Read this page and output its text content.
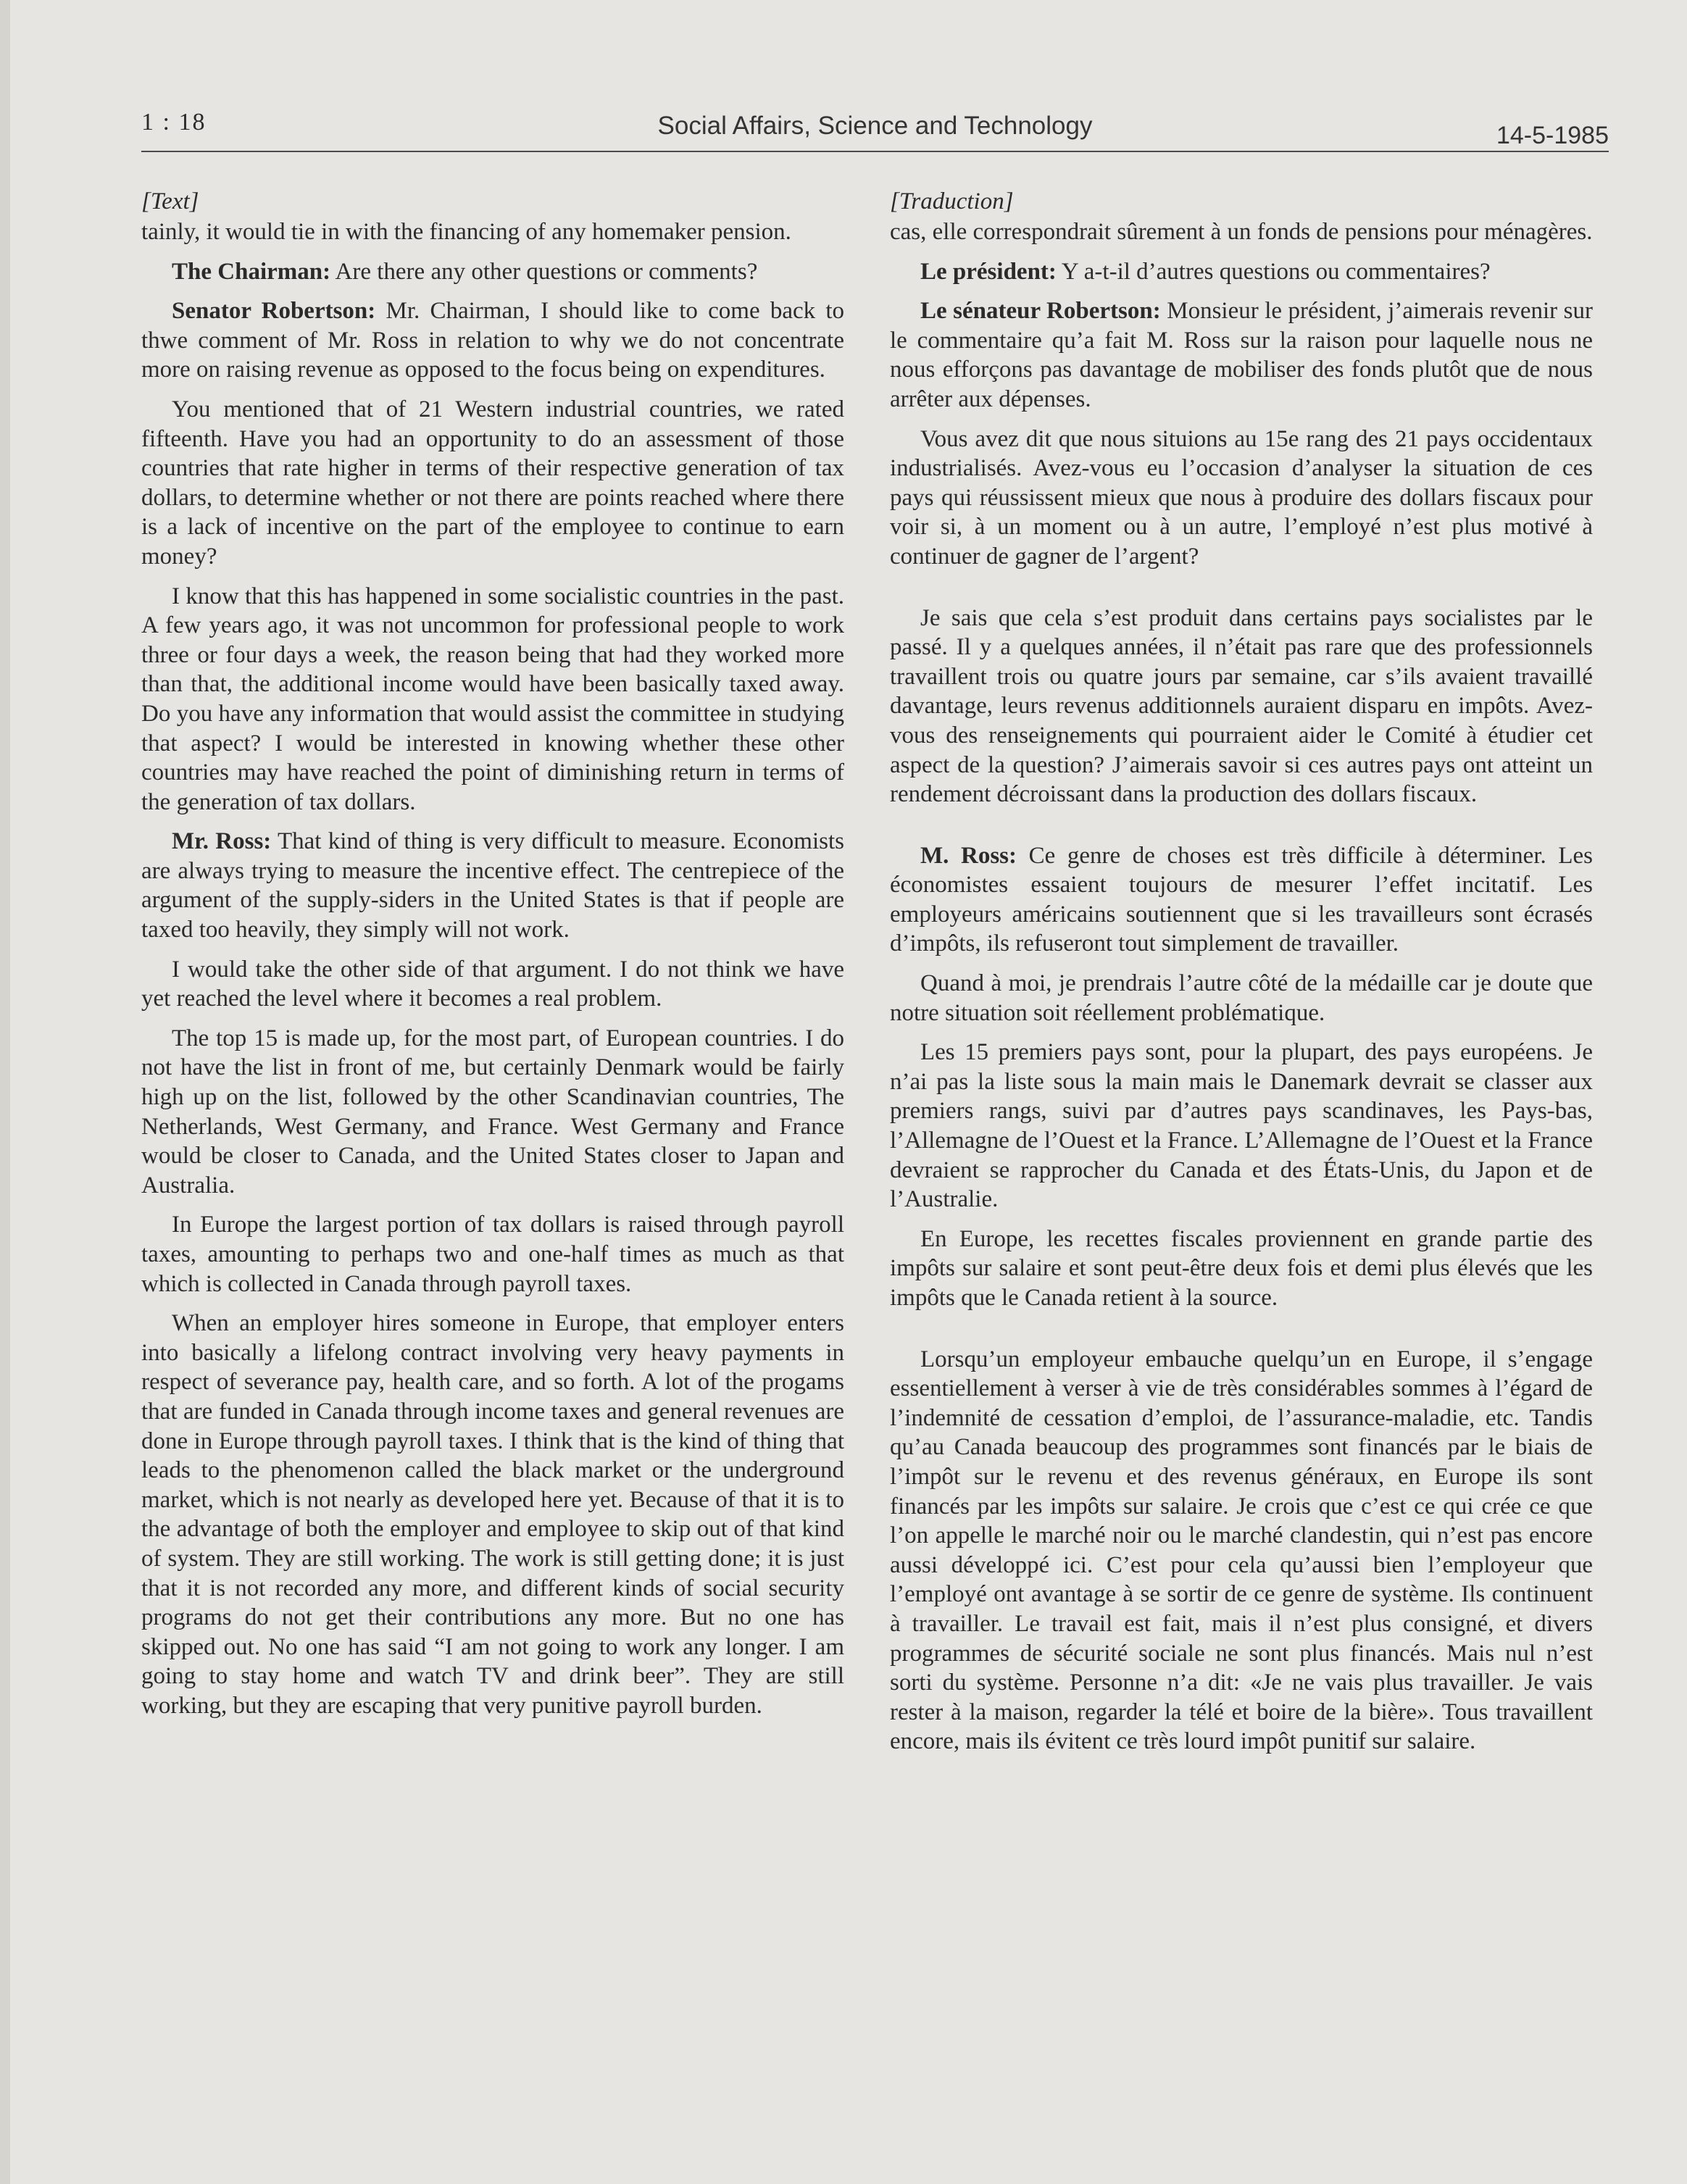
1 : 18	Social Affairs, Science and Technology	14-5-1985
[Text]

tainly, it would tie in with the financing of any homemaker pension.

The Chairman: Are there any other questions or comments?

Senator Robertson: Mr. Chairman, I should like to come back to thwe comment of Mr. Ross in relation to why we do not concentrate more on raising revenue as opposed to the focus being on expenditures.

You mentioned that of 21 Western industrial countries, we rated fifteenth. Have you had an opportunity to do an assessment of those countries that rate higher in terms of their respective generation of tax dollars, to determine whether or not there are points reached where there is a lack of incentive on the part of the employee to continue to earn money?

I know that this has happened in some socialistic countries in the past. A few years ago, it was not uncommon for professional people to work three or four days a week, the reason being that had they worked more than that, the additional income would have been basically taxed away. Do you have any information that would assist the committee in studying that aspect? I would be interested in knowing whether these other countries may have reached the point of diminishing return in terms of the generation of tax dollars.

Mr. Ross: That kind of thing is very difficult to measure. Economists are always trying to measure the incentive effect. The centrepiece of the argument of the supply-siders in the United States is that if people are taxed too heavily, they simply will not work.

I would take the other side of that argument. I do not think we have yet reached the level where it becomes a real problem.

The top 15 is made up, for the most part, of European countries. I do not have the list in front of me, but certainly Denmark would be fairly high up on the list, followed by the other Scandinavian countries, The Netherlands, West Germany, and France. West Germany and France would be closer to Canada, and the United States closer to Japan and Australia.

In Europe the largest portion of tax dollars is raised through payroll taxes, amounting to perhaps two and one-half times as much as that which is collected in Canada through payroll taxes.

When an employer hires someone in Europe, that employer enters into basically a lifelong contract involving very heavy payments in respect of severance pay, health care, and so forth. A lot of the progams that are funded in Canada through income taxes and general revenues are done in Europe through payroll taxes. I think that is the kind of thing that leads to the phenomenon called the black market or the underground market, which is not nearly as developed here yet. Because of that it is to the advantage of both the employer and employee to skip out of that kind of system. They are still working. The work is still getting done; it is just that it is not recorded any more, and different kinds of social security programs do not get their contributions any more. But no one has skipped out. No one has said “I am not going to work any longer. I am going to stay home and watch TV and drink beer”. They are still working, but they are escaping that very punitive payroll burden.

[Traduction]

cas, elle correspondrait sûrement à un fonds de pensions pour ménagères.

Le président: Y a-t-il d’autres questions ou commentaires?

Le sénateur Robertson: Monsieur le président, j’aimerais revenir sur le commentaire qu’a fait M. Ross sur la raison pour laquelle nous ne nous efforçons pas davantage de mobiliser des fonds plutôt que de nous arrêter aux dépenses.

Vous avez dit que nous situions au 15e rang des 21 pays occidentaux industrialisés. Avez-vous eu l’occasion d’analyser la situation de ces pays qui réussissent mieux que nous à produire des dollars fiscaux pour voir si, à un moment ou à un autre, l’employé n’est plus motivé à continuer de gagner de l’argent?

Je sais que cela s’est produit dans certains pays socialistes par le passé. Il y a quelques années, il n’était pas rare que des professionnels travaillent trois ou quatre jours par semaine, car s’ils avaient travaillé davantage, leurs revenus additionnels auraient disparu en impôts. Avez-vous des renseignements qui pourraient aider le Comité à étudier cet aspect de la question? J’aimerais savoir si ces autres pays ont atteint un rendement décroissant dans la production des dollars fiscaux.

M. Ross: Ce genre de choses est très difficile à déterminer. Les économistes essaient toujours de mesurer l’effet incitatif. Les employeurs américains soutiennent que si les travailleurs sont écrasés d’impôts, ils refuseront tout simplement de travailler.

Quand à moi, je prendrais l’autre côté de la médaille car je doute que notre situation soit réellement problématique.

Les 15 premiers pays sont, pour la plupart, des pays européens. Je n’ai pas la liste sous la main mais le Danemark devrait se classer aux premiers rangs, suivi par d’autres pays scandinaves, les Pays-bas, l’Allemagne de l’Ouest et la France. L’Allemagne de l’Ouest et la France devraient se rapprocher du Canada et des États-Unis, du Japon et de l’Australie.

En Europe, les recettes fiscales proviennent en grande partie des impôts sur salaire et sont peut-être deux fois et demi plus élevés que les impôts que le Canada retient à la source.

Lorsqu’un employeur embauche quelqu’un en Europe, il s’engage essentiellement à verser à vie de très considérables sommes à l’égard de l’indemnité de cessation d’emploi, de l’assurance-maladie, etc. Tandis qu’au Canada beaucoup des programmes sont financés par le biais de l’impôt sur le revenu et des revenus généraux, en Europe ils sont financés par les impôts sur salaire. Je crois que c’est ce qui crée ce que l’on appelle le marché noir ou le marché clandestin, qui n’est pas encore aussi développé ici. C’est pour cela qu’aussi bien l’employeur que l’employé ont avantage à se sortir de ce genre de système. Ils continuent à travailler. Le travail est fait, mais il n’est plus consigné, et divers programmes de sécurité sociale ne sont plus financés. Mais nul n’est sorti du système. Personne n’a dit: «Je ne vais plus travailler. Je vais rester à la maison, regarder la télé et boire de la bière». Tous travaillent encore, mais ils évitent ce très lourd impôt punitif sur salaire.
